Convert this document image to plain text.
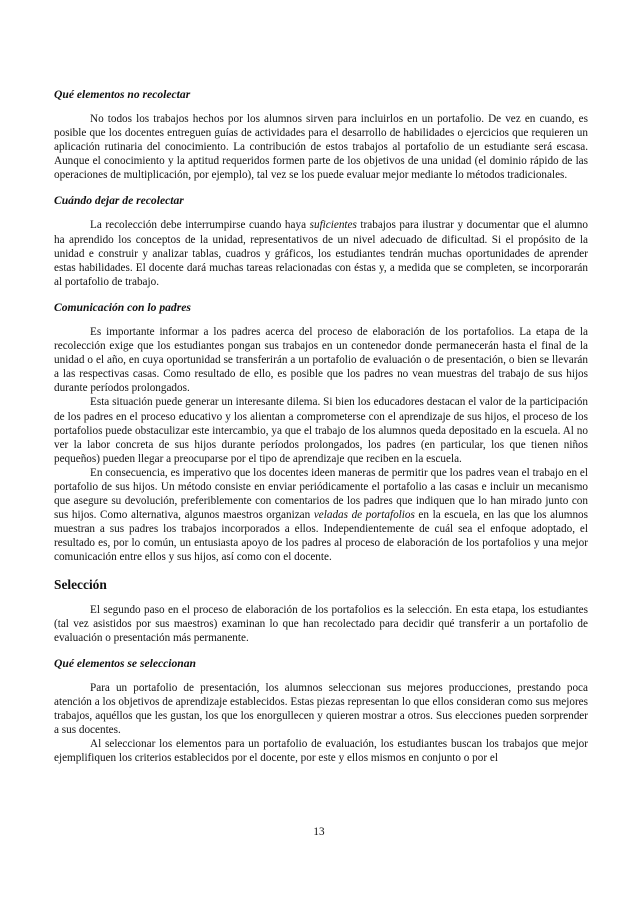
Qué elementos no recolectar

No todos los trabajos hechos por los alumnos sirven para incluirlos en un portafolio. De vez en cuando, es posible que los docentes entreguen guías de actividades para el desarrollo de habilidades o ejercicios que requieren un aplicación rutinaria del conocimiento. La contribución de estos trabajos al portafolio de un estudiante será escasa. Aunque el conocimiento y la aptitud requeridos formen parte de los objetivos de una unidad (el dominio rápido de las operaciones de multiplicación, por ejemplo), tal vez se los puede evaluar mejor mediante lo métodos tradicionales.

Cuándo dejar de recolectar

La recolección debe interrumpirse cuando haya suficientes trabajos para ilustrar y documentar que el alumno ha aprendido los conceptos de la unidad, representativos de un nivel adecuado de dificultad. Si el propósito de la unidad e construir y analizar tablas, cuadros y gráficos, los estudiantes tendrán muchas oportunidades de aprender estas habilidades. El docente dará muchas tareas relacionadas con éstas y, a medida que se completen, se incorporarán al portafolio de trabajo.

Comunicación con lo padres

Es importante informar a los padres acerca del proceso de elaboración de los portafolios. La etapa de la recolección exige que los estudiantes pongan sus trabajos en un contenedor donde permanecerán hasta el final de la unidad o el año, en cuya oportunidad se transferirán a un portafolio de evaluación o de presentación, o bien se llevarán a las respectivas casas. Como resultado de ello, es posible que los padres no vean muestras del trabajo de sus hijos durante períodos prolongados.

Esta situación puede generar un interesante dilema. Si bien los educadores destacan el valor de la participación de los padres en el proceso educativo y los alientan a comprometerse con el aprendizaje de sus hijos, el proceso de los portafolios puede obstaculizar este intercambio, ya que el trabajo de los alumnos queda depositado en la escuela. Al no ver la labor concreta de sus hijos durante períodos prolongados, los padres (en particular, los que tienen niños pequeños) pueden llegar a preocuparse por el tipo de aprendizaje que reciben en la escuela.

En consecuencia, es imperativo que los docentes ideen maneras de permitir que los padres vean el trabajo en el portafolio de sus hijos. Un método consiste en enviar periódicamente el portafolio a las casas e incluir un mecanismo que asegure su devolución, preferiblemente con comentarios de los padres que indiquen que lo han mirado junto con sus hijos. Como alternativa, algunos maestros organizan veladas de portafolios en la escuela, en las que los alumnos muestran a sus padres los trabajos incorporados a ellos. Independientemente de cuál sea el enfoque adoptado, el resultado es, por lo común, un entusiasta apoyo de los padres al proceso de elaboración de los portafolios y una mejor comunicación entre ellos y sus hijos, así como con el docente.

Selección

El segundo paso en el proceso de elaboración de los portafolios es la selección. En esta etapa, los estudiantes (tal vez asistidos por sus maestros) examinan lo que han recolectado para decidir qué transferir a un portafolio de evaluación o presentación más permanente.

Qué elementos se seleccionan

Para un portafolio de presentación, los alumnos seleccionan sus mejores producciones, prestando poca atención a los objetivos de aprendizaje establecidos. Estas piezas representan lo que ellos consideran como sus mejores trabajos, aquéllos que les gustan, los que los enorgullecen y quieren mostrar a otros. Sus elecciones pueden sorprender a sus docentes.

Al seleccionar los elementos para un portafolio de evaluación, los estudiantes buscan los trabajos que mejor ejemplifiquen los criterios establecidos por el docente, por este y ellos mismos en conjunto o por el

13
